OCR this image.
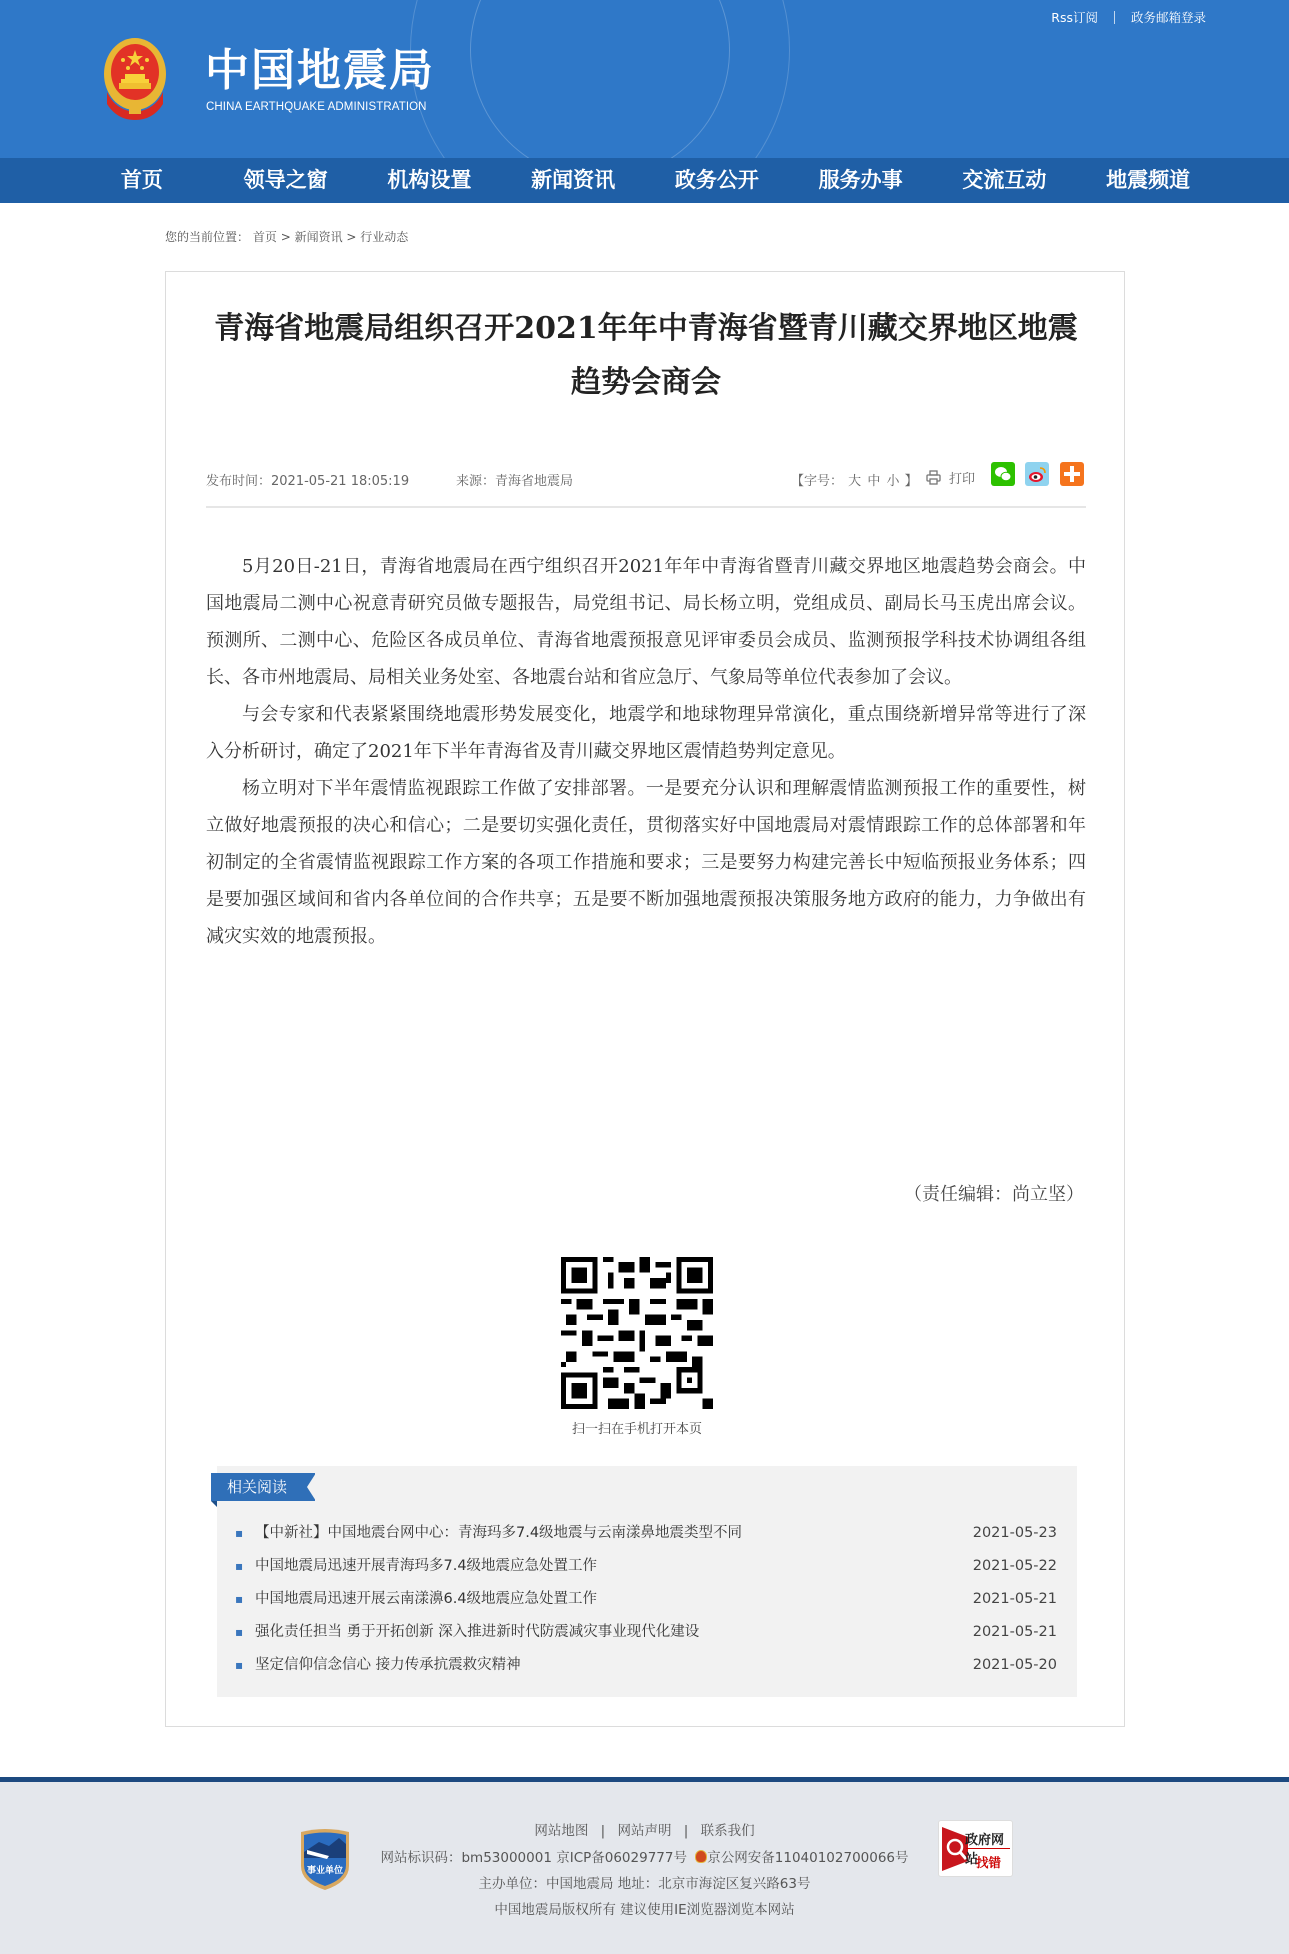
中国地震局
CHINA EARTHQUAKE ADMINISTRATION
Rss订阅	政务邮箱登录
首页	领导之窗	机构设置	新闻资讯	政务公开	服务办事	交流互动	地震频道
您的当前位置： 首页 > 新闻资讯 > 行业动态
青海省地震局组织召开2021年年中青海省暨青川藏交界地区地震趋势会商会
发布时间：2021-05-21 18:05:19	来源：青海省地震局	【字号： 大 中 小 】 打印

5月20日-21日，青海省地震局在西宁组织召开2021年年中青海省暨青川藏交界地区地震趋势会商会。中国地震局二测中心祝意青研究员做专题报告，局党组书记、局长杨立明，党组成员、副局长马玉虎出席会议。预测所、二测中心、危险区各成员单位、青海省地震预报意见评审委员会成员、监测预报学科技术协调组各组长、各市州地震局、局相关业务处室、各地震台站和省应急厅、气象局等单位代表参加了会议。

与会专家和代表紧紧围绕地震形势发展变化，地震学和地球物理异常演化，重点围绕新增异常等进行了深入分析研讨，确定了2021年下半年青海省及青川藏交界地区震情趋势判定意见。

杨立明对下半年震情监视跟踪工作做了安排部署。一是要充分认识和理解震情监测预报工作的重要性，树立做好地震预报的决心和信心；二是要切实强化责任，贯彻落实好中国地震局对震情跟踪工作的总体部署和年初制定的全省震情监视跟踪工作方案的各项工作措施和要求；三是要努力构建完善长中短临预报业务体系；四是要加强区域间和省内各单位间的合作共享；五是要不断加强地震预报决策服务地方政府的能力，力争做出有减灾实效的地震预报。

（责任编辑：尚立坚）
扫一扫在手机打开本页
相关阅读
▪ 【中新社】中国地震台网中心：青海玛多7.4级地震与云南漾鼻地震类型不同	2021-05-23
▪ 中国地震局迅速开展青海玛多7.4级地震应急处置工作	2021-05-22
▪ 中国地震局迅速开展云南漾濞6.4级地震应急处置工作	2021-05-21
▪ 强化责任担当 勇于开拓创新 深入推进新时代防震减灾事业现代化建设	2021-05-21
▪ 坚定信仰信念信心 接力传承抗震救灾精神	2021-05-20
事业单位
网站地图 | 网站声明 | 联系我们
网站标识码：bm53000001 京ICP备06029777号 京公网安备11040102700066号
主办单位：中国地震局 地址：北京市海淀区复兴路63号
中国地震局版权所有 建议使用IE浏览器浏览本网站
政府网站
找错
